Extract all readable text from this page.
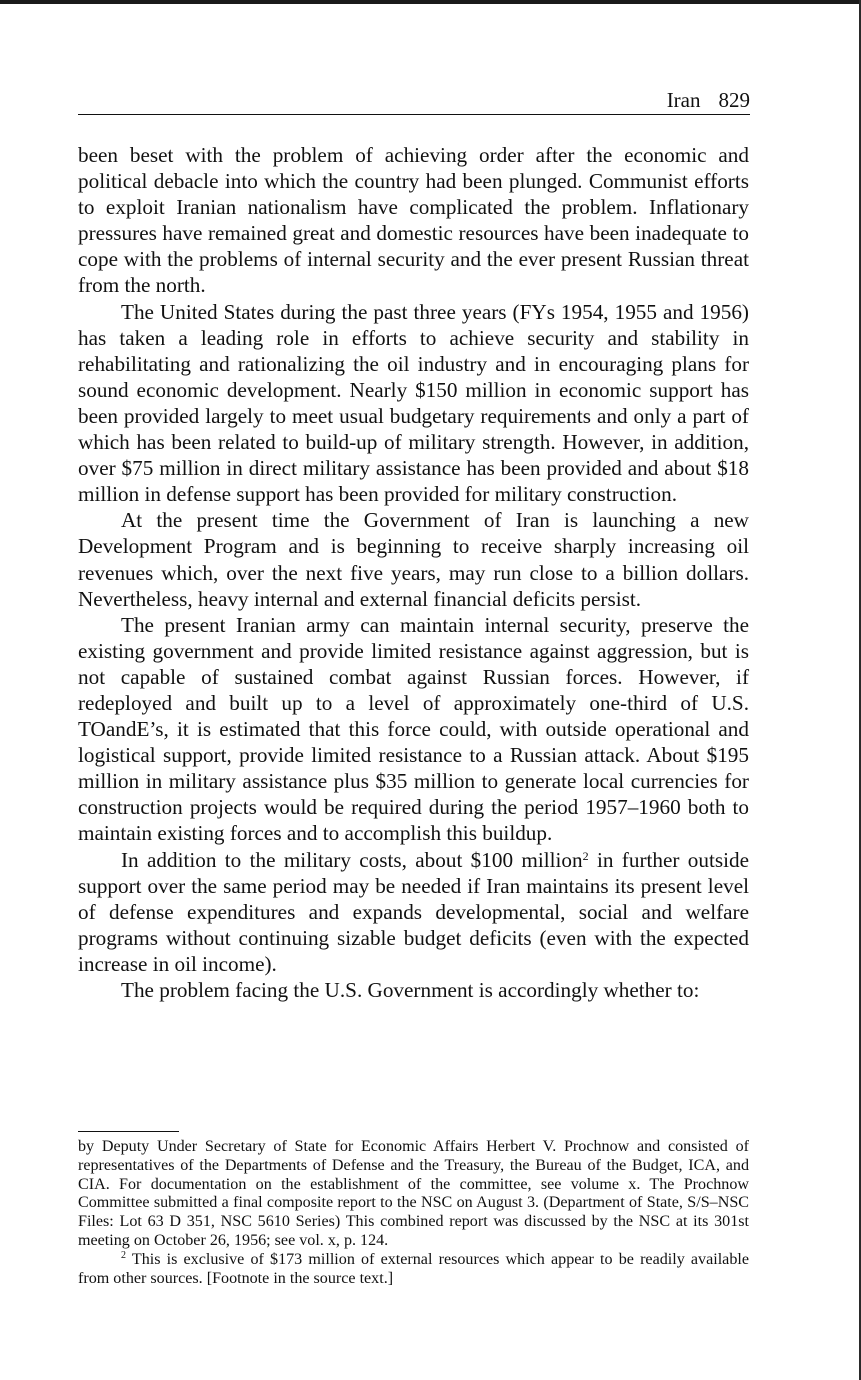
Iran 829

been beset with the problem of achieving order after the economic and political debacle into which the country had been plunged. Communist efforts to exploit Iranian nationalism have complicated the problem. Inflationary pressures have remained great and domestic resources have been inadequate to cope with the problems of internal security and the ever present Russian threat from the north.

The United States during the past three years (FYs 1954, 1955 and 1956) has taken a leading role in efforts to achieve security and stability in rehabilitating and rationalizing the oil industry and in encouraging plans for sound economic development. Nearly $150 million in economic support has been provided largely to meet usual budgetary requirements and only a part of which has been related to build-up of military strength. However, in addition, over $75 million in direct military assistance has been provided and about $18 million in defense support has been provided for military construction.

At the present time the Government of Iran is launching a new Development Program and is beginning to receive sharply increasing oil revenues which, over the next five years, may run close to a billion dollars. Nevertheless, heavy internal and external financial deficits persist.

The present Iranian army can maintain internal security, preserve the existing government and provide limited resistance against aggression, but is not capable of sustained combat against Russian forces. However, if redeployed and built up to a level of approximately one-third of U.S. TOandE’s, it is estimated that this force could, with outside operational and logistical support, provide limited resistance to a Russian attack. About $195 million in military assistance plus $35 million to generate local currencies for construction projects would be required during the period 1957–1960 both to maintain existing forces and to accomplish this buildup.

In addition to the military costs, about $100 million$^2$ in further outside support over the same period may be needed if Iran maintains its present level of defense expenditures and expands developmental, social and welfare programs without continuing sizable budget deficits (even with the expected increase in oil income).

The problem facing the U.S. Government is accordingly whether to:

by Deputy Under Secretary of State for Economic Affairs Herbert V. Prochnow and consisted of representatives of the Departments of Defense and the Treasury, the Bureau of the Budget, ICA, and CIA. For documentation on the establishment of the committee, see volume x. The Prochnow Committee submitted a final composite report to the NSC on August 3. (Department of State, S/S–NSC Files: Lot 63 D 351, NSC 5610 Series) This combined report was discussed by the NSC at its 301st meeting on October 26, 1956; see vol. x, p. 124.

$^2$ This is exclusive of $173 million of external resources which appear to be readily available from other sources. [Footnote in the source text.]
